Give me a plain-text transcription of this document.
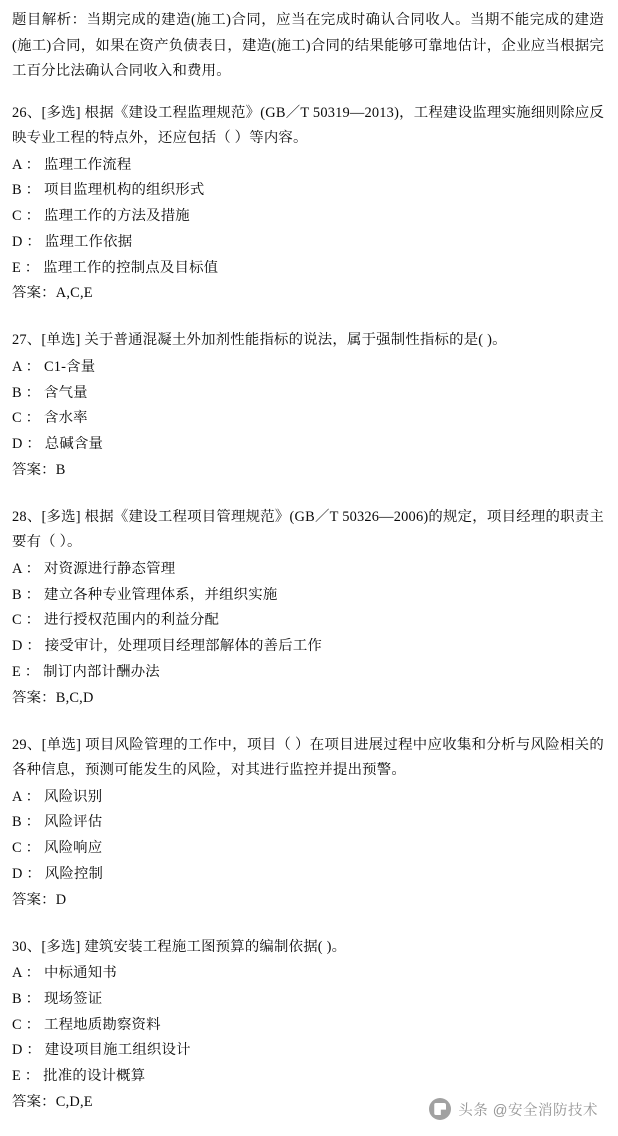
题目解析：当期完成的建造(施工)合同，应当在完成时确认合同收人。当期不能完成的建造(施工)合同，如果在资产负债表日，建造(施工)合同的结果能够可靠地估计，企业应当根据完工百分比法确认合同收入和费用。
26、[多选] 根据《建设工程监理规范》(GB／T 50319—2013)，工程建设监理实施细则除应反映专业工程的特点外，还应包括（ ）等内容。
A ： 监理工作流程
B ： 项目监理机构的组织形式
C ： 监理工作的方法及措施
D ： 监理工作依据
E ： 监理工作的控制点及目标值
答案：A,C,E
27、[单选] 关于普通混凝土外加剂性能指标的说法，属于强制性指标的是( )。
A ： C1-含量
B ： 含气量
C ： 含水率
D ： 总碱含量
答案：B
28、[多选] 根据《建设工程项目管理规范》(GB／T 50326—2006)的规定，项目经理的职责主要有（ ）。
A ： 对资源进行静态管理
B ： 建立各种专业管理体系，并组织实施
C ： 进行授权范围内的利益分配
D ： 接受审计，处理项目经理部解体的善后工作
E ： 制订内部计酬办法
答案：B,C,D
29、[单选] 项目风险管理的工作中，项目（ ）在项目进展过程中应收集和分析与风险相关的各种信息，预测可能发生的风险，对其进行监控并提出预警。
A ： 风险识别
B ： 风险评估
C ： 风险响应
D ： 风险控制
答案：D
30、[多选] 建筑安装工程施工图预算的编制依据( )。
A ： 中标通知书
B ： 现场签证
C ： 工程地质勘察资料
D ： 建设项目施工组织设计
E ： 批准的设计概算
答案：C,D,E
头条 @安全消防技术
